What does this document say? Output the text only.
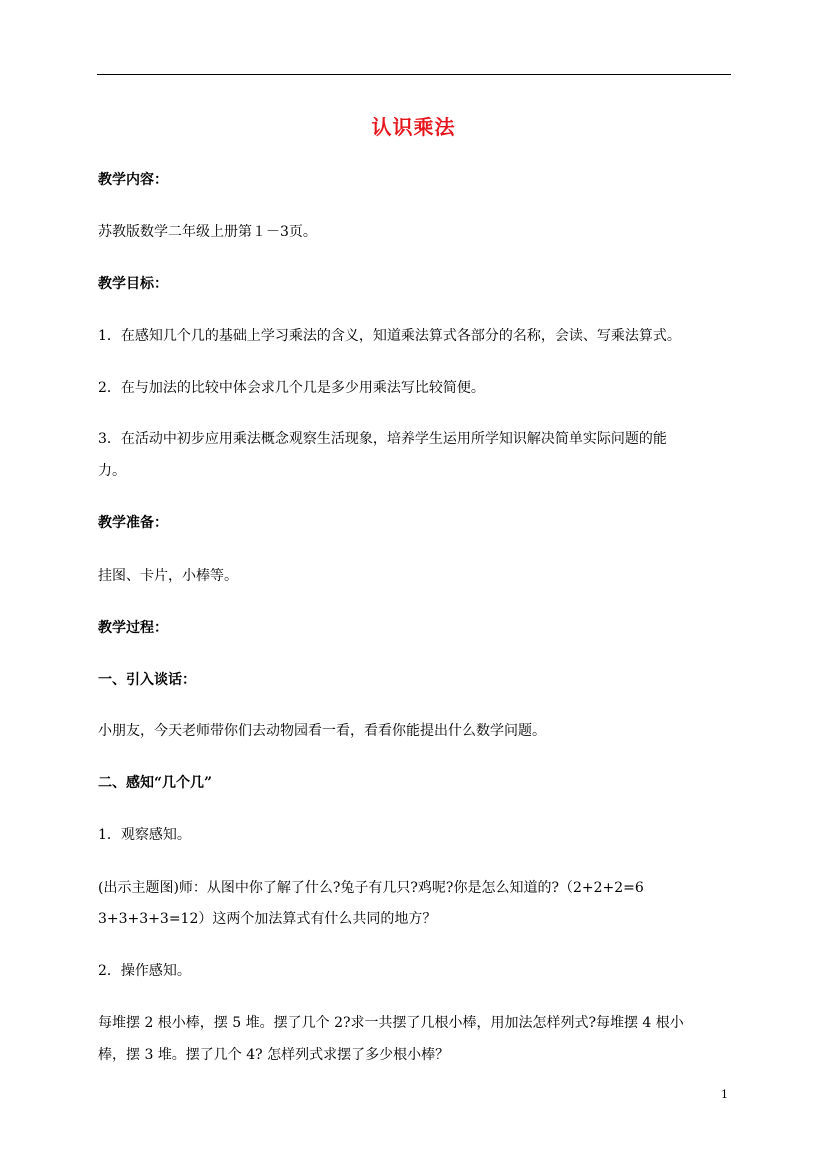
认识乘法
教学内容：
苏教版数学二年级上册第１－3页。
教学目标：
1．在感知几个几的基础上学习乘法的含义，知道乘法算式各部分的名称，会读、写乘法算式。
2．在与加法的比较中体会求几个几是多少用乘法写比较简便。
3．在活动中初步应用乘法概念观察生活现象，培养学生运用所学知识解决简单实际问题的能
力。
教学准备：
挂图、卡片，小棒等。
教学过程：
一、引入谈话：
小朋友，今天老师带你们去动物园看一看，看看你能提出什么数学问题。
二、感知“几个几”
1．观察感知。
(出示主题图)师：从图中你了解了什么?兔子有几只?鸡呢?你是怎么知道的?（2+2+2=6
3+3+3+3=12）这两个加法算式有什么共同的地方？
2．操作感知。
每堆摆 2 根小棒，摆 5 堆。摆了几个 2?求一共摆了几根小棒，用加法怎样列式?每堆摆 4 根小
棒，摆 3 堆。摆了几个 4? 怎样列式求摆了多少根小棒？
1
